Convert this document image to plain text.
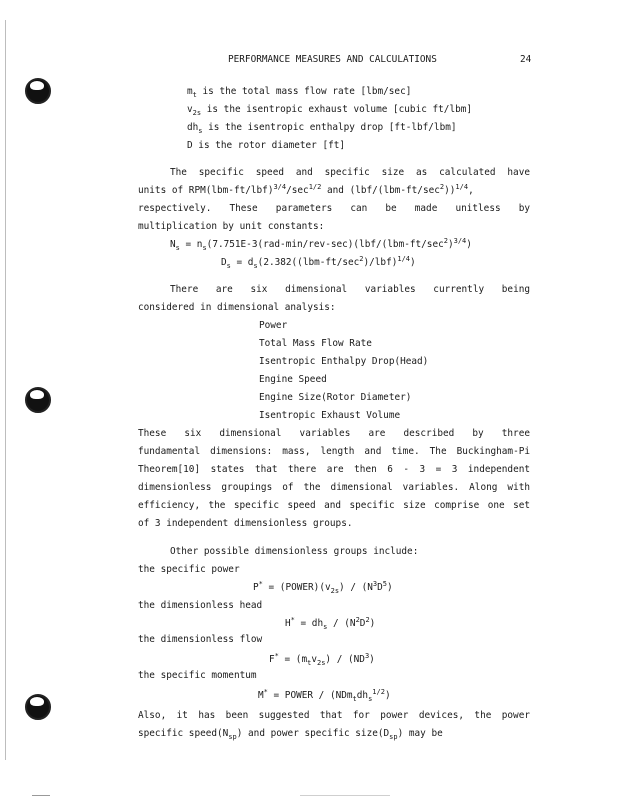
PERFORMANCE MEASURES AND CALCULATIONS	24
$m_t$ is the total mass flow rate [lbm/sec]
$v_{2s}$ is the isentropic exhaust volume [cubic ft/lbm]
$dh_s$ is the isentropic enthalpy drop [ft-lbf/lbm]
D is the rotor diameter [ft]
The specific speed and specific size as calculated have
units of $RPM(lbm-ft/lbf)^{3/4}/\sec^{1/2}$ and $(lbf/(lbm-ft/\sec^2))^{1/4}$,
respectively. These parameters can be made unitless by
multiplication by unit constants:
$N_s = n_s(7.751E-3(rad-\min/rev-\sec)(lbf/(lbm-ft/\sec^2)^{3/4})$
$D_s = d_s(2.382((lbm-ft/\sec^2)/lbf)^{1/4})$
There are six dimensional variables currently being
considered in dimensional analysis:
Power
Total Mass Flow Rate
Isentropic Enthalpy Drop(Head)
Engine Speed
Engine Size(Rotor Diameter)
Isentropic Exhaust Volume
These six dimensional variables are described by three
fundamental dimensions: mass, length and time. The Buckingham-Pi
Theorem[10] states that there are then 6 - 3 = 3 independent
dimensionless groupings of the dimensional variables. Along with
efficiency, the specific speed and specific size comprise one set
of 3 independent dimensionless groups.
Other possible dimensionless groups include:
the specific power
$P^* = (POWER)(v_{2s}) / (N^3D^5)$
the dimensionless head
$H^* = dh_s / (N^2D^2)$
the dimensionless flow
$F^* = (m_tv_{2s}) / (ND^3)$
the specific momentum
M* = POWER / $(NDm_tdh_s^{1/2})$
Also, it has been suggested that for power devices, the power
specific $speed(N_{sp})$ and power specific $size(D_{sp})$ may be
